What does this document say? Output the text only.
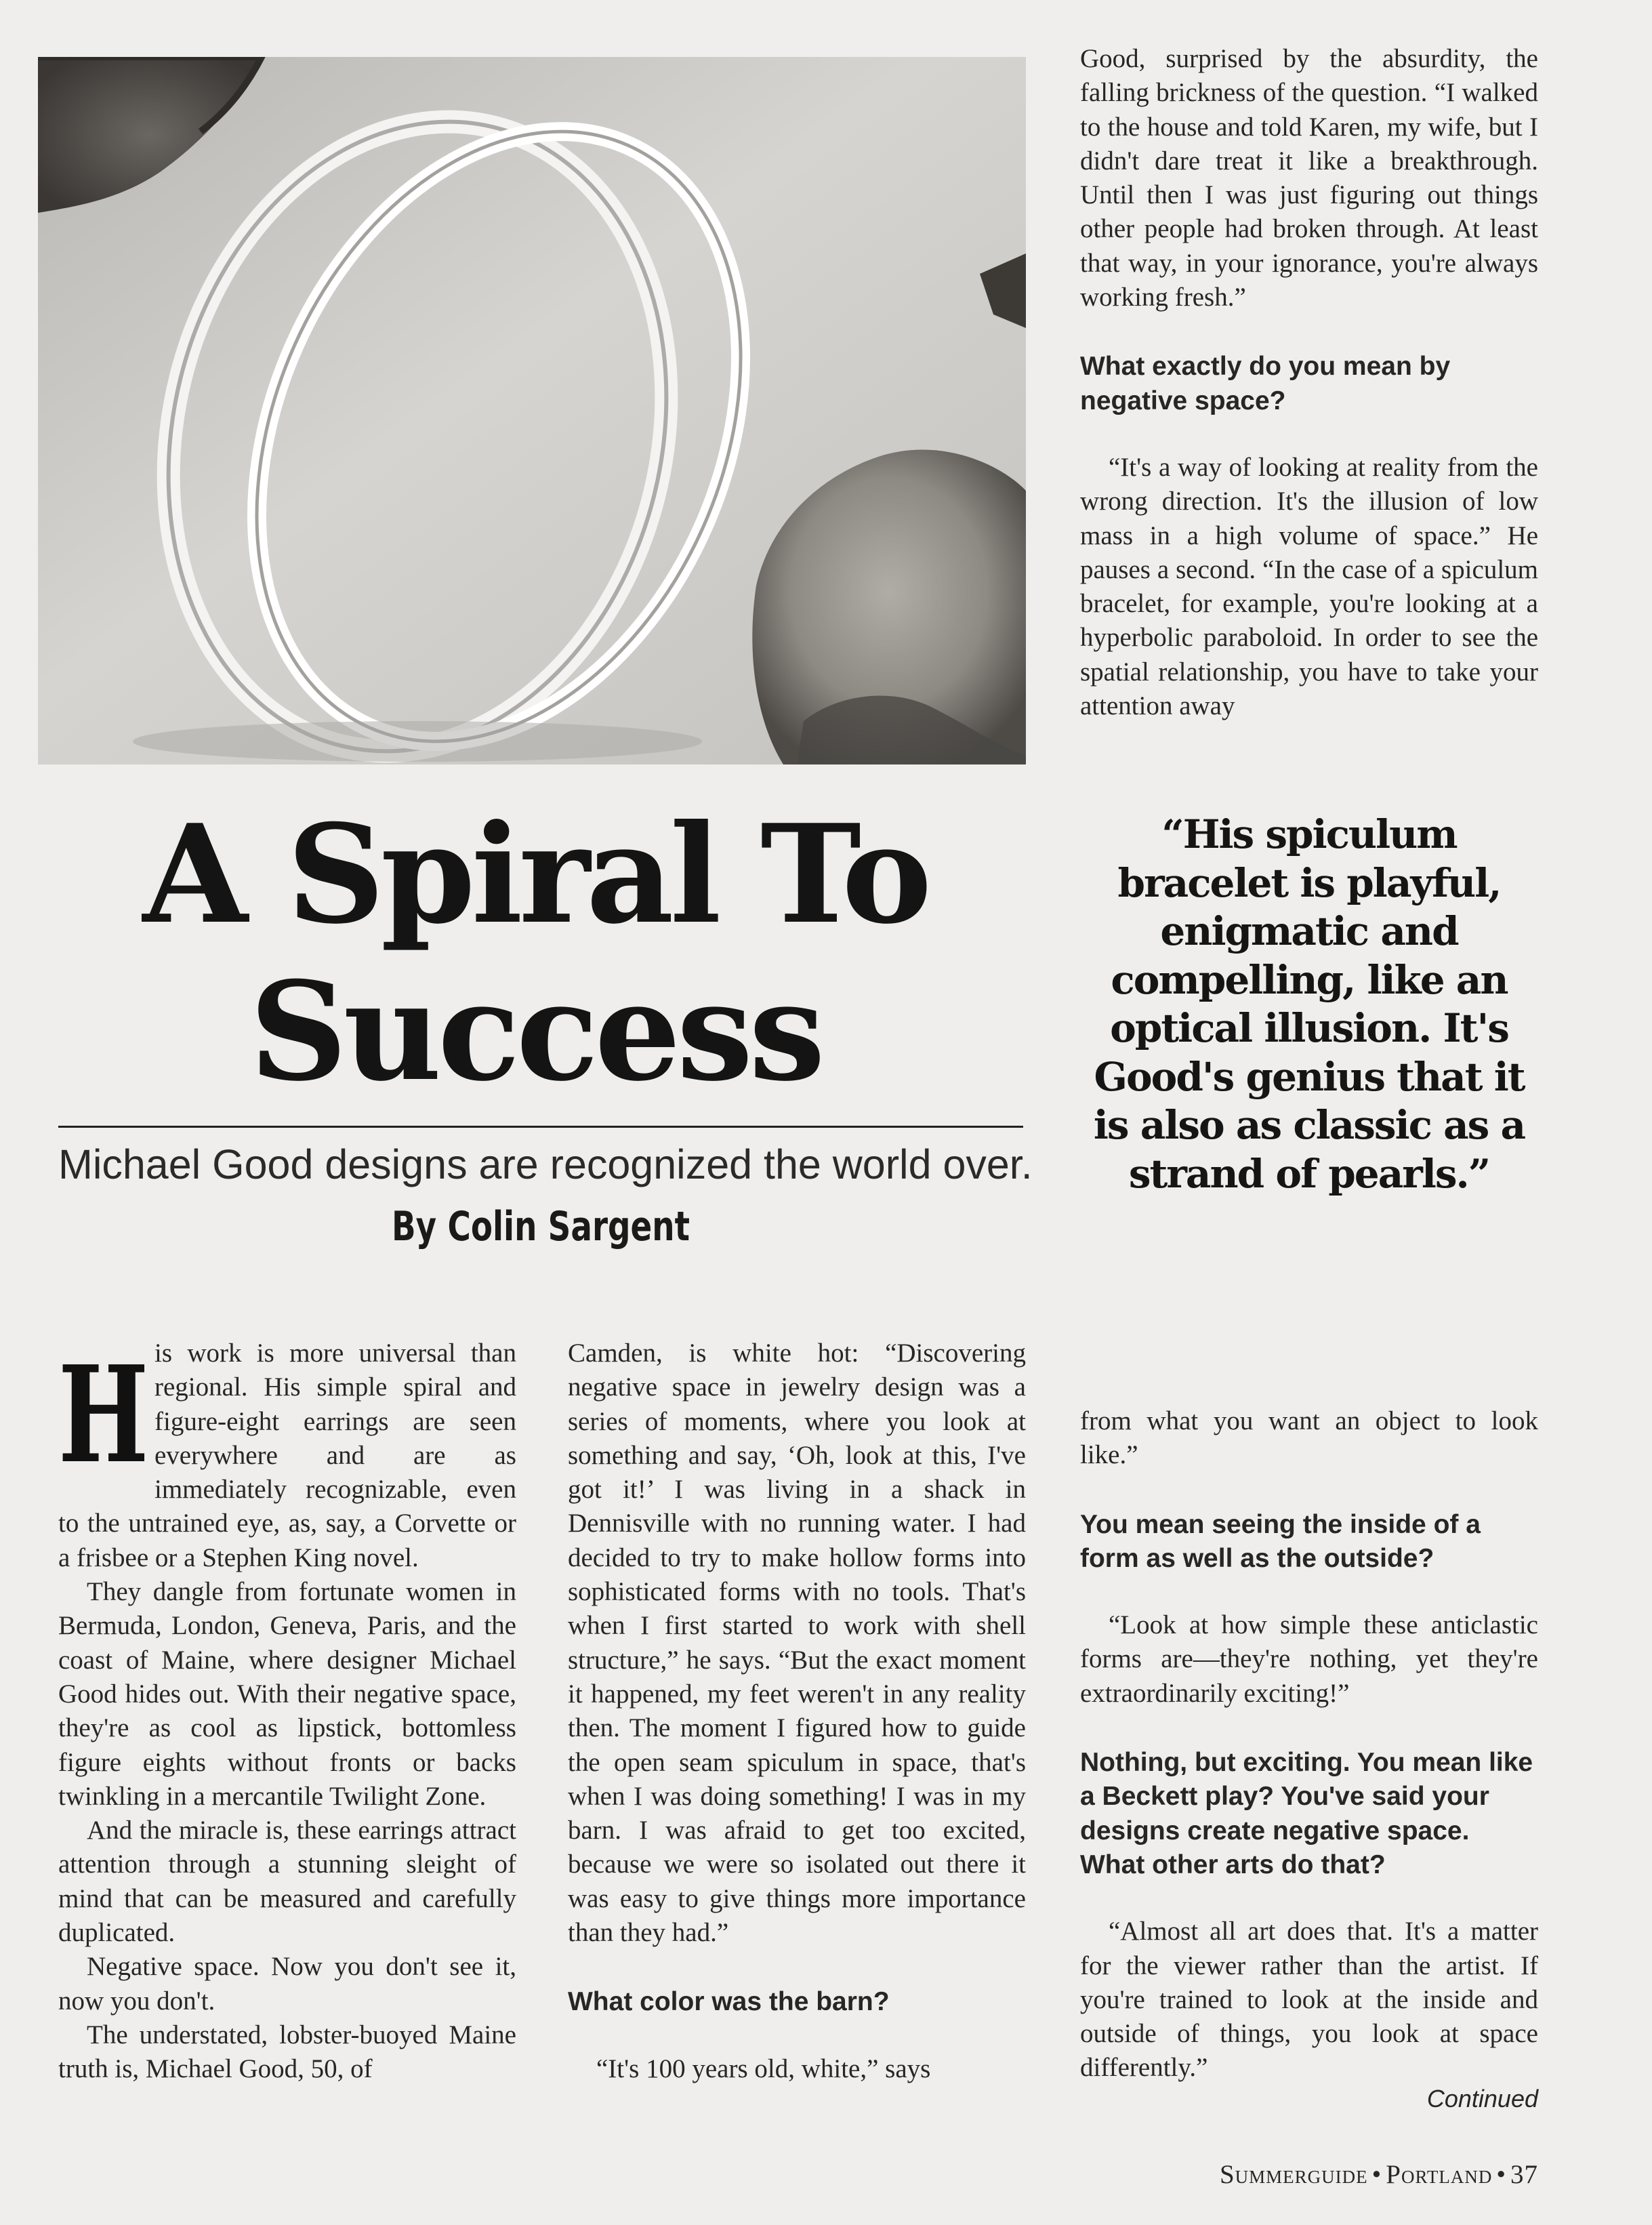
A Spiral To Success
Michael Good designs are recognized the world over.
By Colin Sargent
H is work is more universal than regional. His simple spiral and figure-eight earrings are seen everywhere and are as immediately recognizable, even to the untrained eye, as, say, a Corvette or a frisbee or a Stephen King novel.

They dangle from fortunate women in Bermuda, London, Geneva, Paris, and the coast of Maine, where designer Michael Good hides out. With their negative space, they're as cool as lipstick, bottomless figure eights without fronts or backs twinkling in a mercantile Twilight Zone.

And the miracle is, these earrings attract attention through a stunning sleight of mind that can be measured and carefully duplicated.

Negative space. Now you don't see it, now you don't.

The understated, lobster-buoyed Maine truth is, Michael Good, 50, of

Camden, is white hot: “Discovering negative space in jewelry design was a series of moments, where you look at something and say, ‘Oh, look at this, I've got it!’ I was living in a shack in Dennisville with no running water. I had decided to try to make hollow forms into sophisticated forms with no tools. That's when I first started to work with shell structure,” he says. “But the exact moment it happened, my feet weren't in any reality then. The moment I figured how to guide the open seam spiculum in space, that's when I was doing something! I was in my barn. I was afraid to get too excited, because we were so isolated out there it was easy to give things more importance than they had.”

What color was the barn?

“It's 100 years old, white,” says

Good, surprised by the absurdity, the falling brickness of the question. “I walked to the house and told Karen, my wife, but I didn't dare treat it like a breakthrough. Until then I was just figuring out things other people had broken through. At least that way, in your ignorance, you're always working fresh.”

What exactly do you mean by negative space?

“It's a way of looking at reality from the wrong direction. It's the illusion of low mass in a high volume of space.” He pauses a second. “In the case of a spiculum bracelet, for example, you're looking at a hyperbolic paraboloid. In order to see the spatial relationship, you have to take your attention away

“His spiculum bracelet is playful, enigmatic and compelling, like an optical illusion. It's Good's genius that it is also as classic as a strand of pearls.”

from what you want an object to look like.”

You mean seeing the inside of a form as well as the outside?

“Look at how simple these anticlastic forms are—they're nothing, yet they're extraordinarily exciting!”

Nothing, but exciting. You mean like a Beckett play? You've said your designs create negative space. What other arts do that?

“Almost all art does that. It's a matter for the viewer rather than the artist. If you're trained to look at the inside and outside of things, you look at space differently.”

Continued
Summerguide • Portland • 37
